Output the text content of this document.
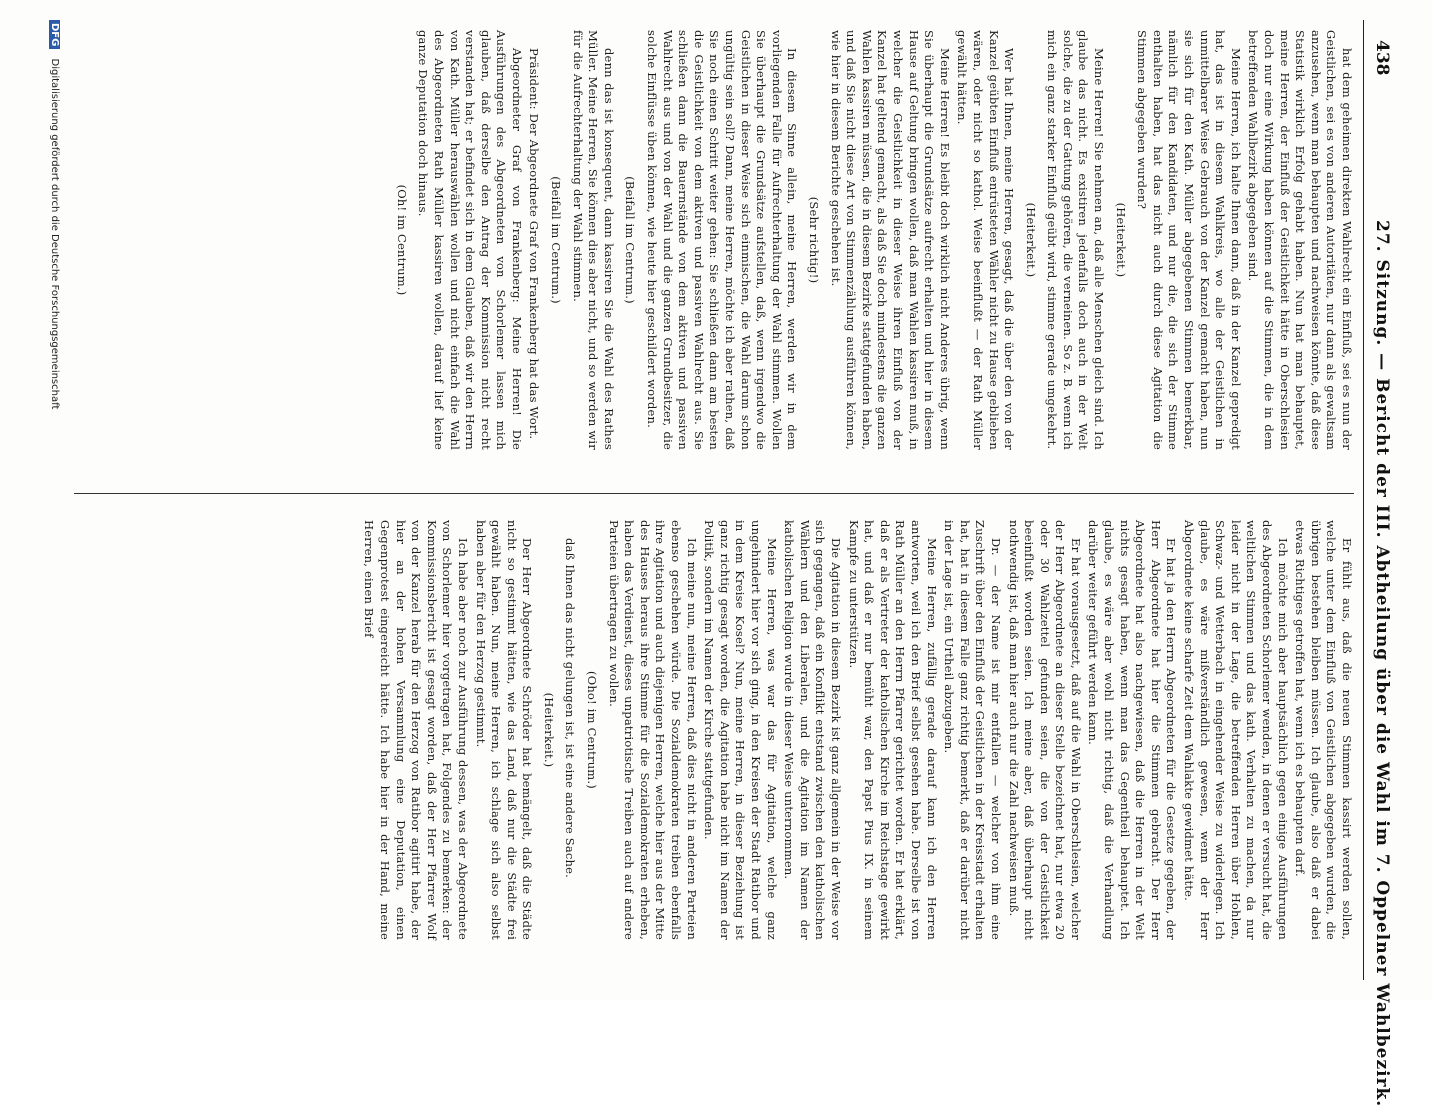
438
27. Sitzung. — Bericht der III. Abtheilung über die Wahl im 7. Oppelner Wahlbezirk.

hat dem geheimen direkten Wahlrecht ein Einfluß, sei es nun der Geistlichen, sei es von anderen Autoritäten, nur dann als gewaltsam anzusehen, wenn man behaupten und nachweisen könnte, daß diese Statistik wirklich Erfolg gehabt haben. Nun hat man behauptet, meine Herren, der Einfluß der Geistlichkeit hätte in Oberschlesien doch nur eine Wirkung haben können auf die Stimmen, die in dem betreffenden Wahlbezirk abgegeben sind.

Meine Herren, ich halte Ihnen dann, daß in der Kanzel gepredigt hat, das ist in diesem Wahlkreis, wo alle der Geistlichen in unmittelbarer Weise Gebrauch von der Kanzel gemacht haben, nun sie sich für den Kath. Müller abgegebenen Stimmen bemerkbar, nämlich für den Kandidaten, und nur die, die sich der Stimme enthalten haben, hat das nicht auch durch diese Agitation die Stimmen abgegeben wurden?

(Heiterkeit.)

Meine Herren! Sie nehmen an, daß alle Menschen gleich sind. Ich glaube das nicht. Es existiren jedenfalls doch auch in der Welt solche, die zu der Gattung gehören, die verneinen. So z. B. wenn ich mich ein ganz starker Einfluß geübt wird, stimme gerade umgekehrt.

(Heiterkeit.)

Wer hat Ihnen, meine Herren, gesagt, daß die über den von der Kanzel geübten Einfluß entrüsteten Wähler nicht zu Hause geblieben wären, oder nicht so kathol. Weise beeinflußt — der Rath Müller gewählt hätten.

Meine Herren! Es bleibt doch wirklich nicht Anderes übrig, wenn Sie überhaupt die Grundsätze aufrecht erhalten und hier in diesem Hause auf Geltung bringen wollen, daß man Wahlen kassiren muß, in welcher die Geistlichkeit in dieser Weise ihren Einfluß von der Kanzel hat geltend gemacht, als daß Sie doch mindestens die ganzen Wahlen kassiren müssen, die in diesem Bezirke stattgefunden haben, und daß Sie nicht diese Art von Stimmenzählung ausführen können, wie hier in diesem Berichte geschehen ist.

(Sehr richtig!)

In diesem Sinne allein, meine Herren, werden wir in dem vorliegenden Falle für Aufrechterhaltung der Wahl stimmen. Wollen Sie überhaupt die Grundsätze aufstellen, daß, wenn irgendwo die Geistlichen in dieser Weise sich einmischen, die Wahl darum schon ungültig sein soll? Dann, meine Herren, möchte ich aber rathen, daß Sie noch einen Schritt weiter gehen: Sie schließen dann am besten die Geistlichkeit von dem aktiven und passiven Wahlrecht aus. Sie schließen dann die Bauernstände von dem aktiven und passiven Wahlrecht aus und von der Wahl und die ganzen Grundbesitzer, die solche Einflüsse üben können, wie heute hier geschildert worden.

(Beifall im Centrum.)

denn das ist konsequent, dann kassiren Sie die Wahl des Rathes Müller. Meine Herren, Sie können dies aber nicht, und so werden wir für die Aufrechterhaltung der Wahl stimmen.

(Beifall im Centrum.)

Präsident: Der Abgeordnete Graf von Frankenberg hat das Wort.

Abgeordneter Graf von Frankenberg: Meine Herren! Die Ausführungen des Abgeordneten von Schorlemer lassen mich glauben, daß derselbe den Antrag der Kommission nicht recht verstanden hat; er befindet sich in dem Glauben, daß wir den Herrn von Kath. Müller herauswählen wollen und nicht einfach die Wahl des Abgeordneten Rath Müller kassiren wollen, darauf lief keine ganze Deputation doch hinaus.

(Oh! im Centrum.)

Er fühlt aus, daß die neuen Stimmen kassirt werden sollen, welche unter dem Einfluß von Geistlichen abgegeben wurden, die übrigen bestehen bleiben müssen. Ich glaube, also daß er dabei etwas Richtiges getroffen hat, wenn ich es behaupten darf.

Ich möchte mich aber hauptsächlich gegen einige Ausführungen des Abgeordneten Schorlemer wenden, in denen er versucht hat, die weltlichen Stimmen und das kath. Verhalten zu machen, da nur leider nicht in der Lage, die betreffenden Herren über Hohlen, Schwaz- und Wetterbach in eingehender Weise zu widerlegen. Ich glaube, es wäre mißverständlich gewesen, wenn der Herr Abgeordnete keine scharfe Zeit dem Wahlakte gewidmet hätte.

Er hat ja den Herrn Abgeordneten für die Gesetze gegeben, der Herr Abgeordnete hat hier die Stimmen gebracht. Der Herr Abgeordnete hat also nachgewiesen, daß die Herren in der Welt nichts gesagt haben, wenn man das Gegentheil behauptet. Ich glaube, es wäre aber wohl nicht richtig, daß die Verhandlung darüber weiter geführt werden kann.

Er hat vorausgesetzt, daß auf die Wahl in Oberschlesien, welcher der Herr Abgeordnete an dieser Stelle bezeichnet hat, nur etwa 20 oder 30 Wahlzettel gefunden seien, die von der Geistlichkeit beeinflußt worden seien. Ich meine aber, daß überhaupt nicht nothwendig ist, daß man hier auch nur die Zahl nachweisen muß.

Dr. — der Name ist mir entfallen — welcher von ihm eine Zuschrift über den Einfluß der Geistlichen in der Kreisstadt erhalten hat, hat in diesem Falle ganz richtig bemerkt, daß er darüber nicht in der Lage ist, ein Urtheil abzugeben.

Meine Herren, zufällig gerade darauf kann ich den Herren antworten, weil ich den Brief selbst gesehen habe. Derselbe ist von Rath Müller an den Herrn Pfarrer gerichtet worden. Er hat erklärt, daß er als Vertreter der katholischen Kirche im Reichstage gewirkt hat, und daß er nur bemüht war, den Papst Pius IX. in seinem Kampfe zu unterstützen.

Die Agitation in diesem Bezirk ist ganz allgemein in der Weise vor sich gegangen, daß ein Konflikt entstand zwischen den katholischen Wählern und den Liberalen, und die Agitation im Namen der katholischen Religion wurde in dieser Weise unternommen.

Meine Herren, was war das für Agitation, welche ganz ungehindert hier vor sich ging, in den Kreisen der Stadt Ratibor und in dem Kreise Kosel? Nun, meine Herren, in dieser Beziehung ist ganz richtig gesagt worden, die Agitation habe nicht im Namen der Politik, sondern im Namen der Kirche stattgefunden.

Ich meine nun, meine Herren, daß dies nicht in anderen Parteien ebenso geschehen würde. Die Sozialdemokraten treiben ebenfalls ihre Agitation und auch diejenigen Herren, welche hier aus der Mitte des Hauses heraus ihre Stimme für die Sozialdemokraten erheben, haben das Verdienst, dieses unpatriotische Treiben auch auf andere Parteien übertragen zu wollen.

(Oho! im Centrum.)

daß Ihnen das nicht gelungen ist, ist eine andere Sache.

(Heiterkeit.)

Der Herr Abgeordnete Schröder hat bemängelt, daß die Städte nicht so gestimmt hätten, wie das Land, daß nur die Städte frei gewählt haben. Nun, meine Herren, ich schlage sich also selbst haben aber für den Herzog gestimmt.

Ich habe aber noch zur Ausführung dessen, was der Abgeordnete von Schorlemer hier vorgetragen hat, Folgendes zu bemerken: der Kommissionsbericht ist gesagt worden, daß der Herr Pfarrer Wolf von der Kanzel herab für den Herzog von Ratibor agitirt habe, der hier an der hohen Versammlung eine Deputation, einen Gegenprotest eingereicht hätte. Ich habe hier in der Hand, meine Herren, einen Brief

DFG Digitalisierung gefördert durch die Deutsche Forschungsgemeinschaft
